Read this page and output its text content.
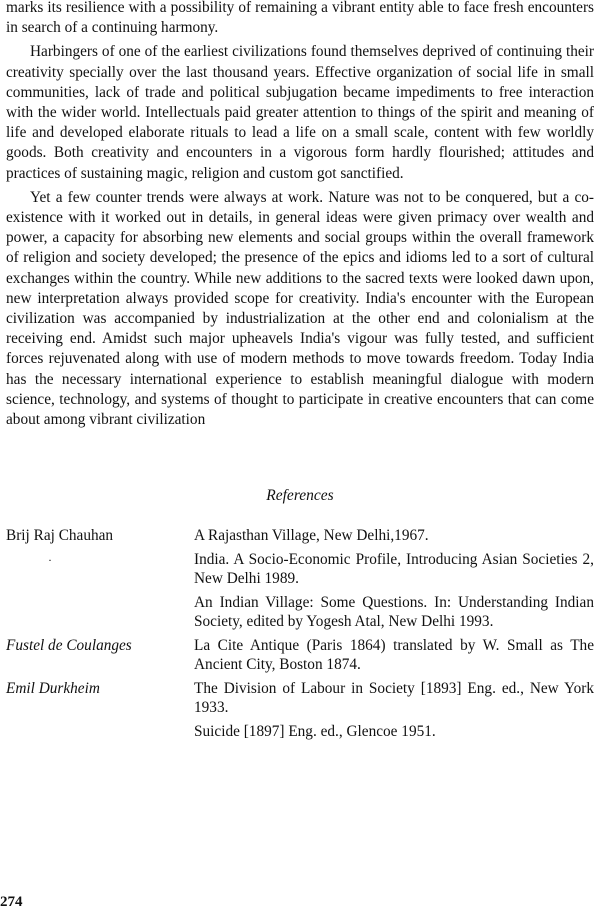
marks its resilience with a possibility of remaining a vibrant entity able to face fresh encounters in search of a continuing harmony.

Harbingers of one of the earliest civilizations found themselves deprived of continuing their creativity specially over the last thousand years. Effective organization of social life in small communities, lack of trade and political subjugation became impediments to free interaction with the wider world. Intellectuals paid greater attention to things of the spirit and meaning of life and developed elaborate rituals to lead a life on a small scale, content with few worldly goods. Both creativity and encounters in a vigorous form hardly flourished; attitudes and practices of sustaining magic, religion and custom got sanctified.

Yet a few counter trends were always at work. Nature was not to be conquered, but a co-existence with it worked out in details, in general ideas were given primacy over wealth and power, a capacity for absorbing new elements and social groups within the overall framework of religion and society developed; the presence of the epics and idioms led to a sort of cultural exchanges within the country. While new additions to the sacred texts were looked dawn upon, new interpretation always provided scope for creativity. India's encounter with the European civilization was accompanied by industrialization at the other end and colonialism at the receiving end. Amidst such major upheavels India's vigour was fully tested, and sufficient forces rejuvenated along with use of modern methods to move towards freedom. Today India has the necessary international experience to establish meaningful dialogue with modern science, technology, and systems of thought to participate in creative encounters that can come about among vibrant civilization

References
·
Brij Raj Chauhan	A Rajasthan Village, New Delhi,1967.

India. A Socio-Economic Profile, Introducing Asian Societies 2, New Delhi 1989.

An Indian Village: Some Questions. In: Understanding Indian Society, edited by Yogesh Atal, New Delhi 1993.

Fustel de Coulanges	La Cite Antique (Paris 1864) translated by W. Small as The Ancient City, Boston 1874.

Emil Durkheim	The Division of Labour in Society [1893] Eng. ed., New York 1933.

Suicide [1897] Eng. ed., Glencoe 1951.

274
